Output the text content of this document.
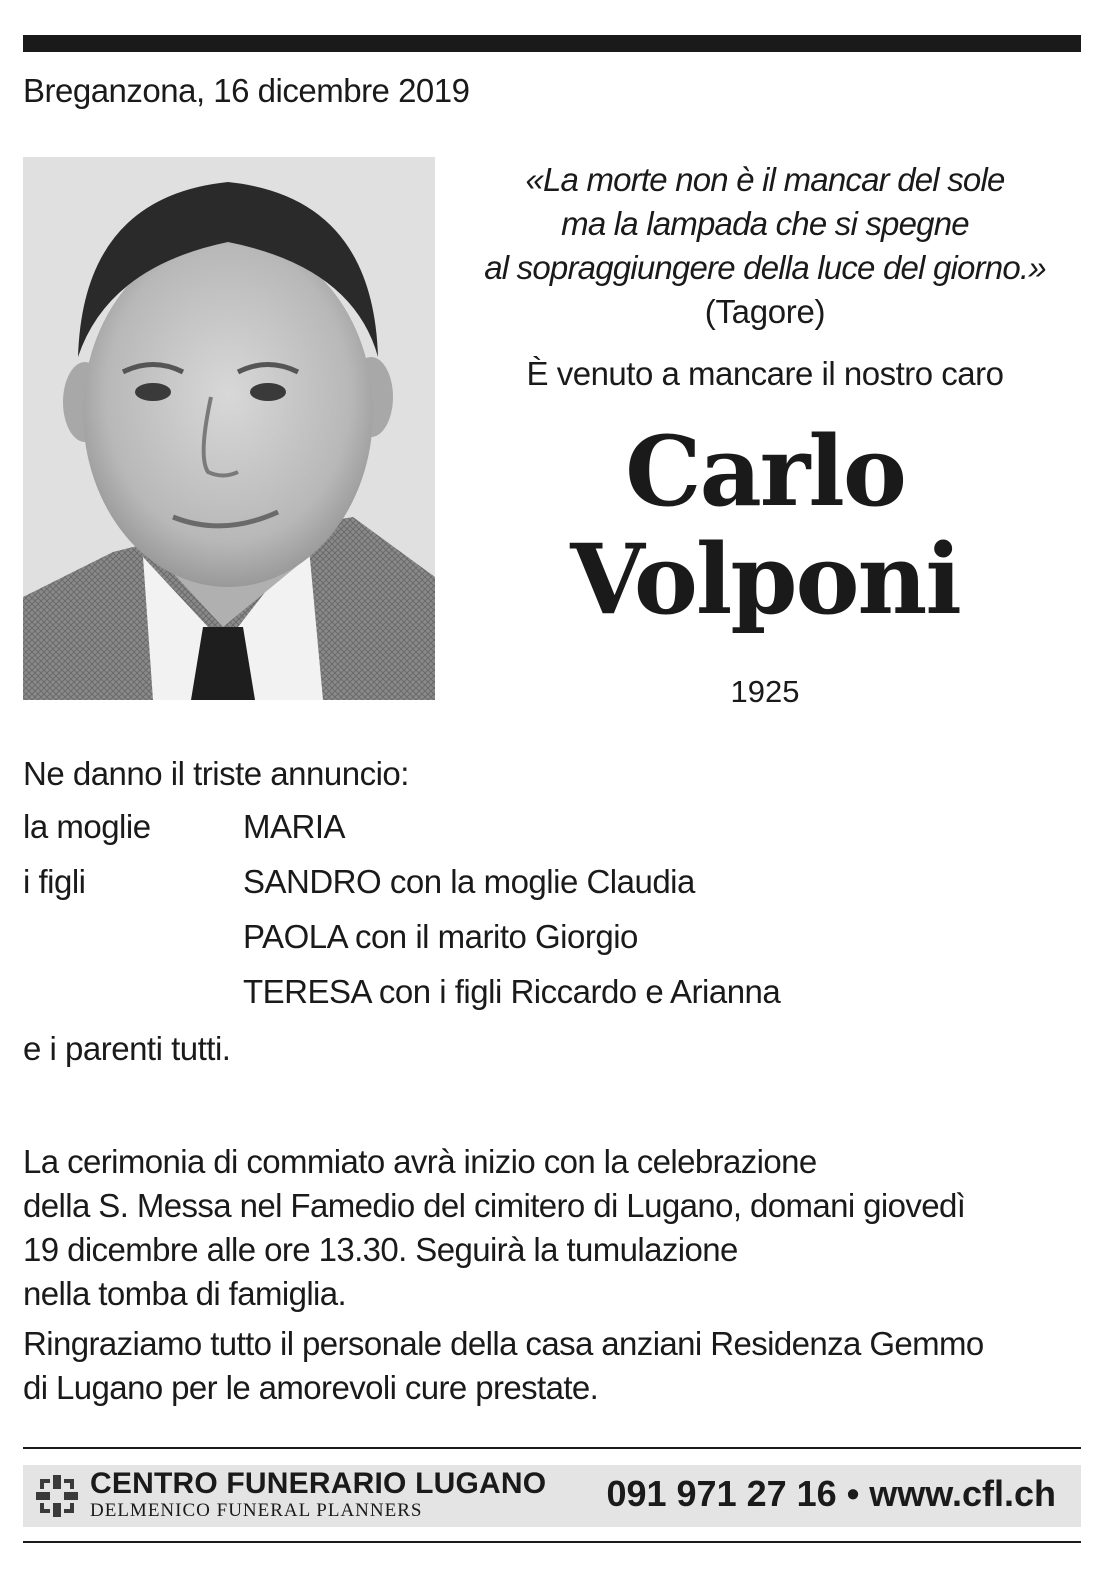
Breganzona, 16 dicembre 2019
«La morte non è il mancar del sole
ma la lampada che si spegne
al sopraggiungere della luce del giorno.»
(Tagore)
È venuto a mancare il nostro caro
Carlo
Volponi
1925
Ne danno il triste annuncio:
la moglie	MARIA
i figli	SANDRO con la moglie Claudia
PAOLA con il marito Giorgio
TERESA con i figli Riccardo e Arianna
e i parenti tutti.
La cerimonia di commiato avrà inizio con la celebrazione
della S. Messa nel Famedio del cimitero di Lugano, domani giovedì
19 dicembre alle ore 13.30. Seguirà la tumulazione
nella tomba di famiglia.
Ringraziamo tutto il personale della casa anziani Residenza Gemmo
di Lugano per le amorevoli cure prestate.
CENTRO FUNERARIO LUGANO
DELMENICO FUNERAL PLANNERS	091 971 27 16 • www.cfl.ch
